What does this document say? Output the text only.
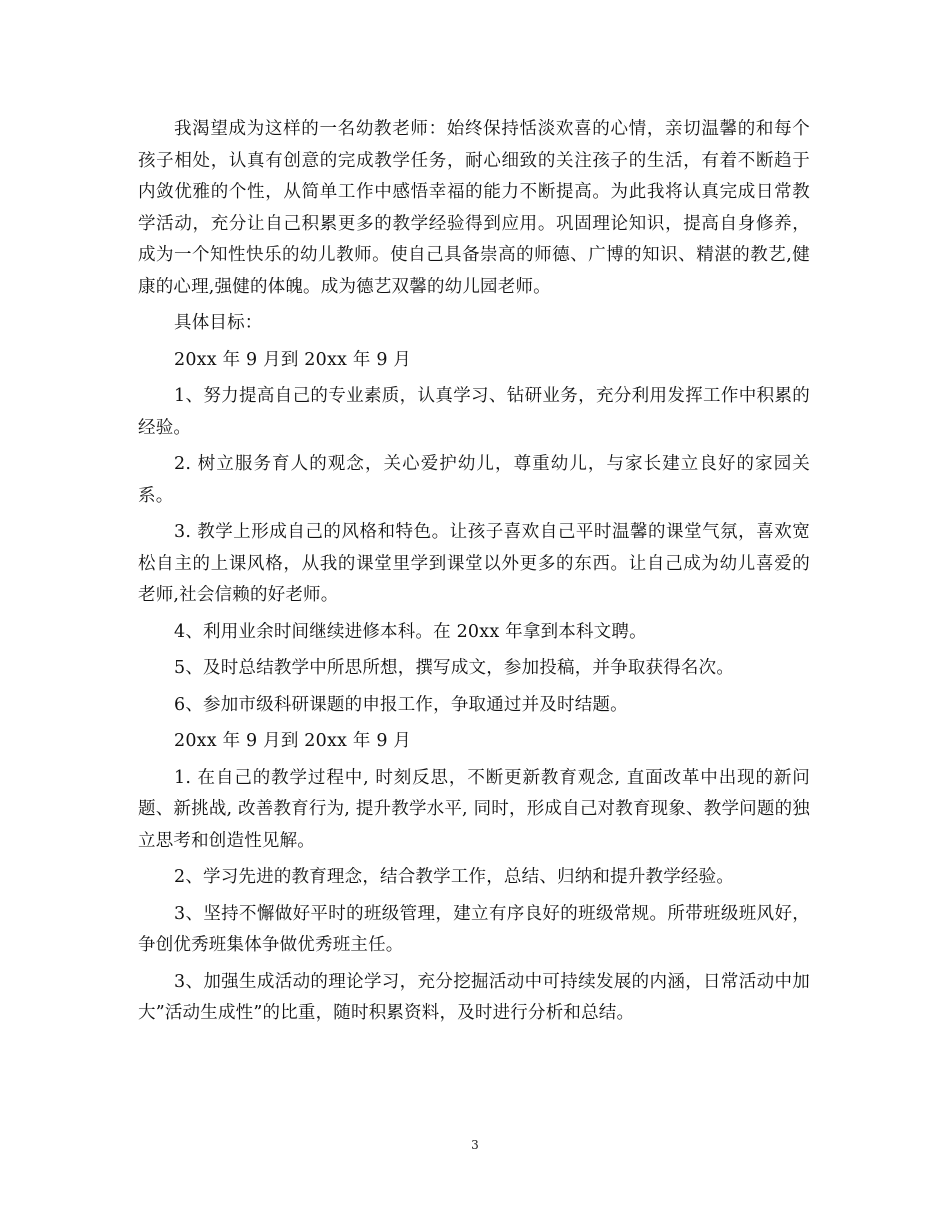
我渴望成为这样的一名幼教老师：始终保持恬淡欢喜的心情，亲切温馨的和每个孩子相处，认真有创意的完成教学任务，耐心细致的关注孩子的生活，有着不断趋于内敛优雅的个性，从简单工作中感悟幸福的能力不断提高。为此我将认真完成日常教学活动，充分让自己积累更多的教学经验得到应用。巩固理论知识，提高自身修养，成为一个知性快乐的幼儿教师。使自己具备崇高的师德、广博的知识、精湛的教艺,健康的心理,强健的体魄。成为德艺双馨的幼儿园老师。

具体目标：

20xx 年 9 月到 20xx 年 9 月

1、努力提高自己的专业素质，认真学习、钻研业务，充分利用发挥工作中积累的经验。

2. 树立服务育人的观念，关心爱护幼儿，尊重幼儿，与家长建立良好的家园关系。

3. 教学上形成自己的风格和特色。让孩子喜欢自己平时温馨的课堂气氛，喜欢宽松自主的上课风格，从我的课堂里学到课堂以外更多的东西。让自己成为幼儿喜爱的老师,社会信赖的好老师。

4、利用业余时间继续进修本科。在 20xx 年拿到本科文聘。

5、及时总结教学中所思所想，撰写成文，参加投稿，并争取获得名次。

6、参加市级科研课题的申报工作，争取通过并及时结题。

20xx 年 9 月到 20xx 年 9 月

1. 在自己的教学过程中, 时刻反思，不断更新教育观念, 直面改革中出现的新问题、新挑战, 改善教育行为, 提升教学水平, 同时，形成自己对教育现象、教学问题的独立思考和创造性见解。

2、学习先进的教育理念，结合教学工作，总结、归纳和提升教学经验。

3、坚持不懈做好平时的班级管理，建立有序良好的班级常规。所带班级班风好，争创优秀班集体争做优秀班主任。

3、加强生成活动的理论学习，充分挖掘活动中可持续发展的内涵，日常活动中加大”活动生成性”的比重，随时积累资料，及时进行分析和总结。

3
